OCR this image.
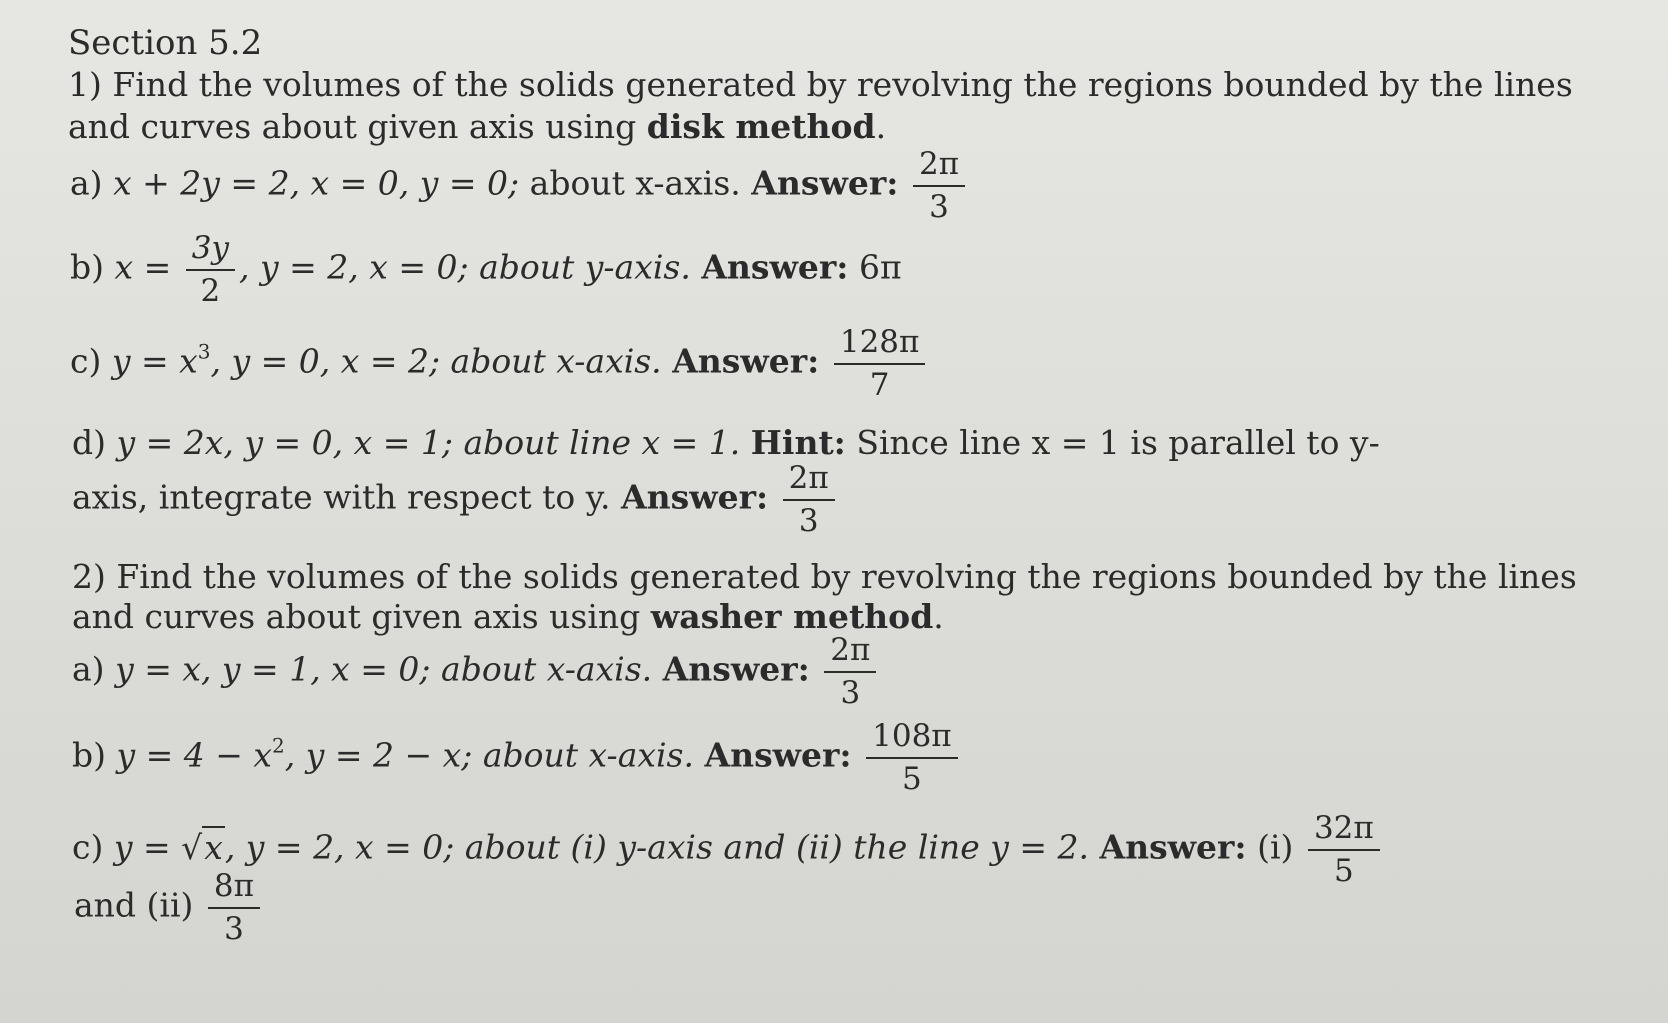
Section 5.2
1) Find the volumes of the solids generated by revolving the regions bounded by the lines
and curves about given axis using disk method.
a) x + 2y = 2, x = 0, y = 0; about x-axis. Answer: $\frac{2\pi}{3}$
b) $x = \frac{3y}{2}$ , y = 2, x = 0; about y-axis. Answer: 6π
c) $y = x^3$, y = 0, x = 2; about x-axis. Answer: $\frac{128\pi}{7}$
d) y = 2x, y = 0, x = 1; about line x = 1. Hint: Since line x = 1 is parallel to y-
axis, integrate with respect to y. Answer: $\frac{2\pi}{3}$
2) Find the volumes of the solids generated by revolving the regions bounded by the lines
and curves about given axis using washer method.
a) y = x, y = 1, x = 0; about x-axis. Answer: $\frac{2\pi}{3}$
b) $y = 4 - x^2$, y = 2 − x; about x-axis. Answer: $\frac{108\pi}{5}$
c) y = √x, y = 2, x = 0; about (i) y-axis and (ii) the line y = 2. Answer: $(i) \frac{32\pi}{5}$
and $(ii) \frac{8\pi}{3}$
